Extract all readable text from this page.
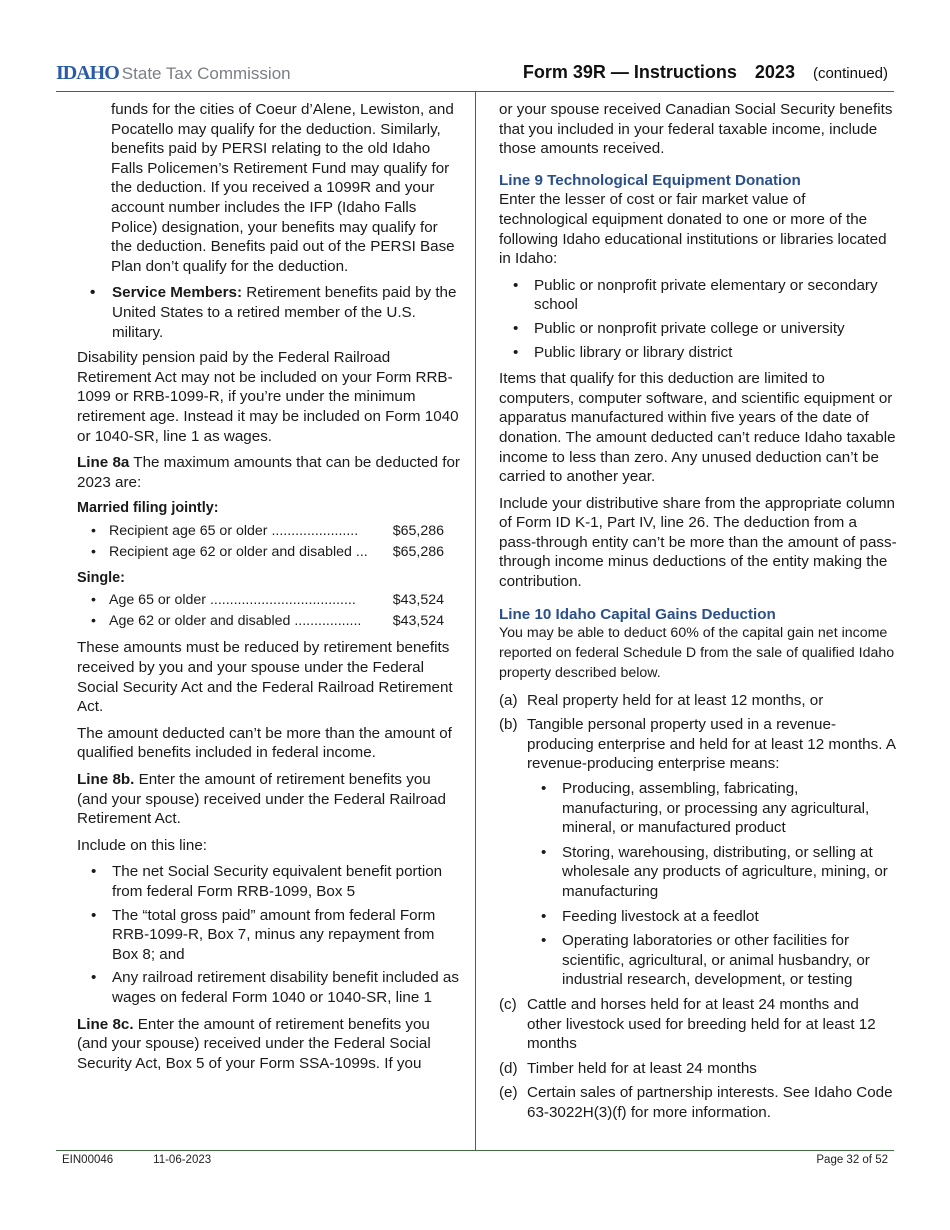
IDAHO State Tax Commission	Form 39R — Instructions 2023 (continued)

funds for the cities of Coeur d’Alene, Lewiston, and Pocatello may qualify for the deduction. Similarly, benefits paid by PERSI relating to the old Idaho Falls Policemen’s Retirement Fund may qualify for the deduction. If you received a 1099R and your account number includes the IFP (Idaho Falls Police) designation, your benefits may qualify for the deduction. Benefits paid out of the PERSI Base Plan don’t qualify for the deduction.

• Service Members: Retirement benefits paid by the United States to a retired member of the U.S. military.

Disability pension paid by the Federal Railroad Retirement Act may not be included on your Form RRB-1099 or RRB-1099-R, if you’re under the minimum retirement age. Instead it may be included on Form 1040 or 1040-SR, line 1 as wages.

Line 8a The maximum amounts that can be deducted for 2023 are:

Married filing jointly:
• Recipient age 65 or older ...................... $65,286
• Recipient age 62 or older and disabled ... $65,286
Single:
• Age 65 or older .....................................	$43,524
• Age 62 or older and disabled ................. $43,524

These amounts must be reduced by retirement benefits received by you and your spouse under the Federal Social Security Act and the Federal Railroad Retirement Act.

The amount deducted can’t be more than the amount of qualified benefits included in federal income.

Line 8b. Enter the amount of retirement benefits you (and your spouse) received under the Federal Railroad Retirement Act.

Include on this line:

• The net Social Security equivalent benefit portion from federal Form RRB-1099, Box 5
• The “total gross paid” amount from federal Form RRB-1099-R, Box 7, minus any repayment from Box 8; and
• Any railroad retirement disability benefit included as wages on federal Form 1040 or 1040-SR, line 1

Line 8c. Enter the amount of retirement benefits you (and your spouse) received under the Federal Social Security Act, Box 5 of your Form SSA-1099s. If you

or your spouse received Canadian Social Security benefits that you included in your federal taxable income, include those amounts received.

Line 9 Technological Equipment Donation

Enter the lesser of cost or fair market value of technological equipment donated to one or more of the following Idaho educational institutions or libraries located in Idaho:

• Public or nonprofit private elementary or secondary school
• Public or nonprofit private college or university
• Public library or library district

Items that qualify for this deduction are limited to computers, computer software, and scientific equipment or apparatus manufactured within five years of the date of donation. The amount deducted can’t reduce Idaho taxable income to less than zero. Any unused deduction can’t be carried to another year.

Include your distributive share from the appropriate column of Form ID K-1, Part IV, line 26. The deduction from a pass-through entity can’t be more than the amount of pass-through income minus deductions of the entity making the contribution.

Line 10 Idaho Capital Gains Deduction

You may be able to deduct 60% of the capital gain net income reported on federal Schedule D from the sale of qualified Idaho property described below.

(a) Real property held for at least 12 months, or
(b) Tangible personal property used in a revenue-producing enterprise and held for at least 12 months. A revenue-producing enterprise means:
• Producing, assembling, fabricating, manufacturing, or processing any agricultural, mineral, or manufactured product
• Storing, warehousing, distributing, or selling at wholesale any products of agriculture, mining, or manufacturing
• Feeding livestock at a feedlot
• Operating laboratories or other facilities for scientific, agricultural, or animal husbandry, or industrial research, development, or testing
(c) Cattle and horses held for at least 24 months and other livestock used for breeding held for at least 12 months
(d) Timber held for at least 24 months
(e) Certain sales of partnership interests. See Idaho Code 63-3022H(3)(f) for more information.
EIN00046	11-06-2023	Page 32 of 52
